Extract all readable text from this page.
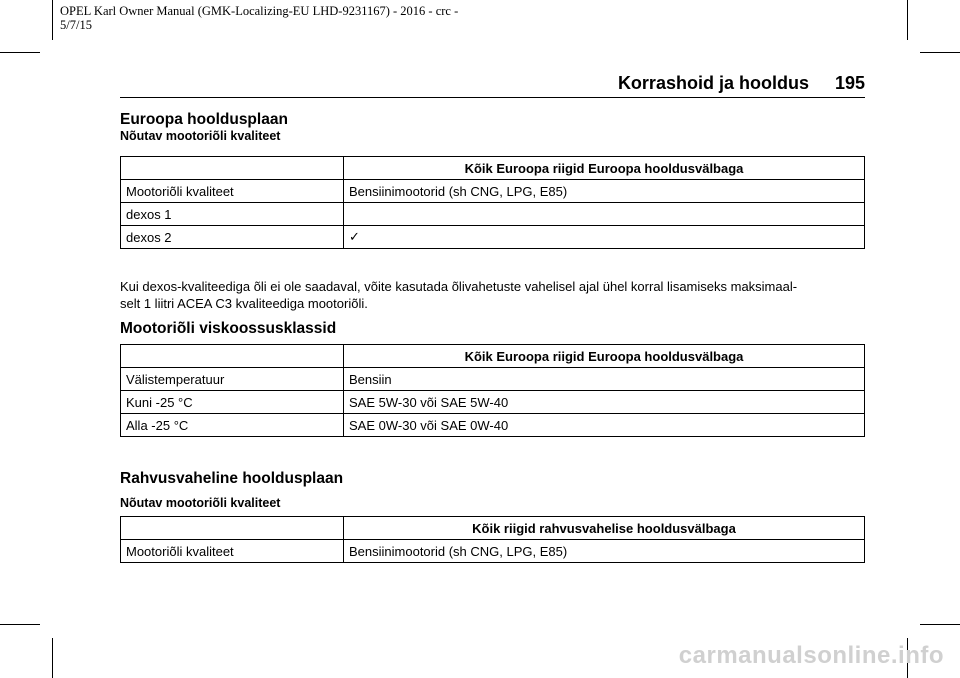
OPEL Karl Owner Manual (GMK-Localizing-EU LHD-9231167) - 2016 - crc -
5/7/15
Korrashoid ja hooldus 195

Euroopa hooldusplaan

Nõutav mootoriõli kvaliteet

	Kõik Euroopa riigid Euroopa hooldusvälbaga
Mootoriõli kvaliteet	Bensiinimootorid (sh CNG, LPG, E85)
dexos 1	
dexos 2	✓
Kui dexos-kvaliteediga õli ei ole saadaval, võite kasutada õlivahetuste vahelisel ajal ühel korral lisamiseks maksimaal-
selt 1 liitri ACEA C3 kvaliteediga mootoriõli.

Mootoriõli viskoossusklassid

	Kõik Euroopa riigid Euroopa hooldusvälbaga
Välistemperatuur	Bensiin
Kuni -25 °C	SAE 5W-30 või SAE 5W-40
Alla -25 °C	SAE 0W-30 või SAE 0W-40

Rahvusvaheline hooldusplaan

Nõutav mootoriõli kvaliteet

	Kõik riigid rahvusvahelise hooldusvälbaga
Mootoriõli kvaliteet	Bensiinimootorid (sh CNG, LPG, E85)
carmanualsonline.info
